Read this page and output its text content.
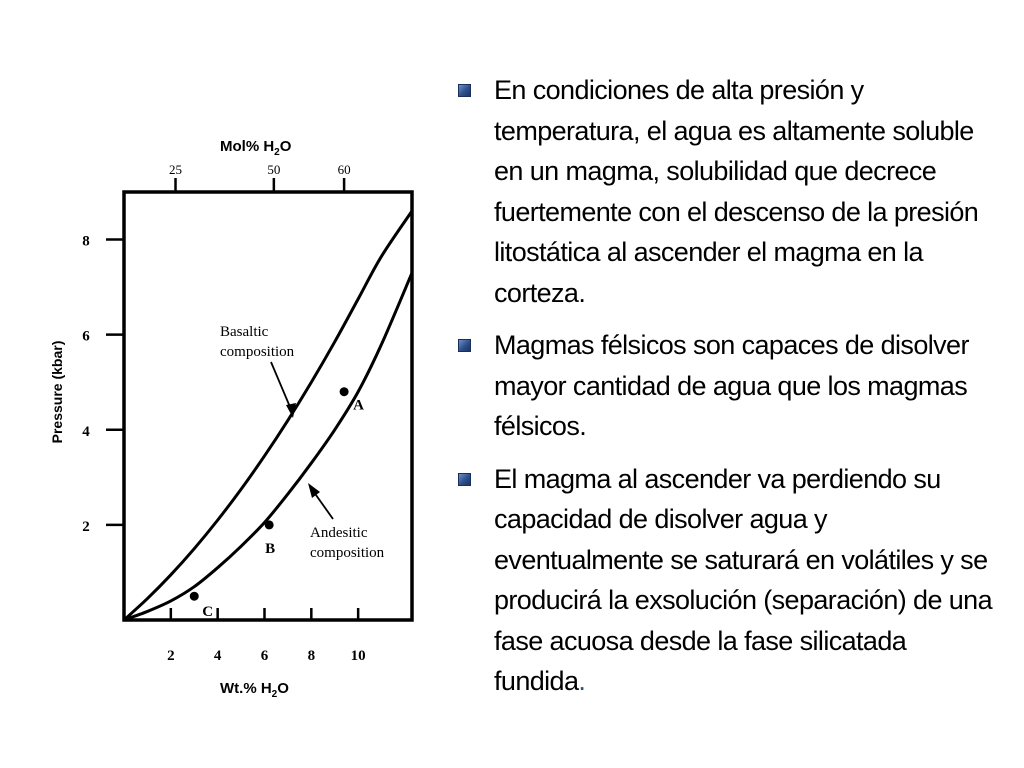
2	4	6	8 10
2
4
6
8
25	50	60
A
B
C
Mol% $H_2O$
Pressure (kbar)
Wt.% $H_2O$
Basaltic
composition
Andesitic
composition
En condiciones de alta presión y temperatura, el agua es altamente soluble en un magma, solubilidad que decrece fuertemente con el descenso de la presión litostática al ascender el magma en la corteza.
Magmas félsicos son capaces de disolver mayor cantidad de agua que los magmas félsicos.
El magma al ascender va perdiendo su capacidad de disolver agua y eventualmente se saturará en volátiles y se producirá la exsolución (separación) de una fase acuosa desde la fase silicatada fundida.
